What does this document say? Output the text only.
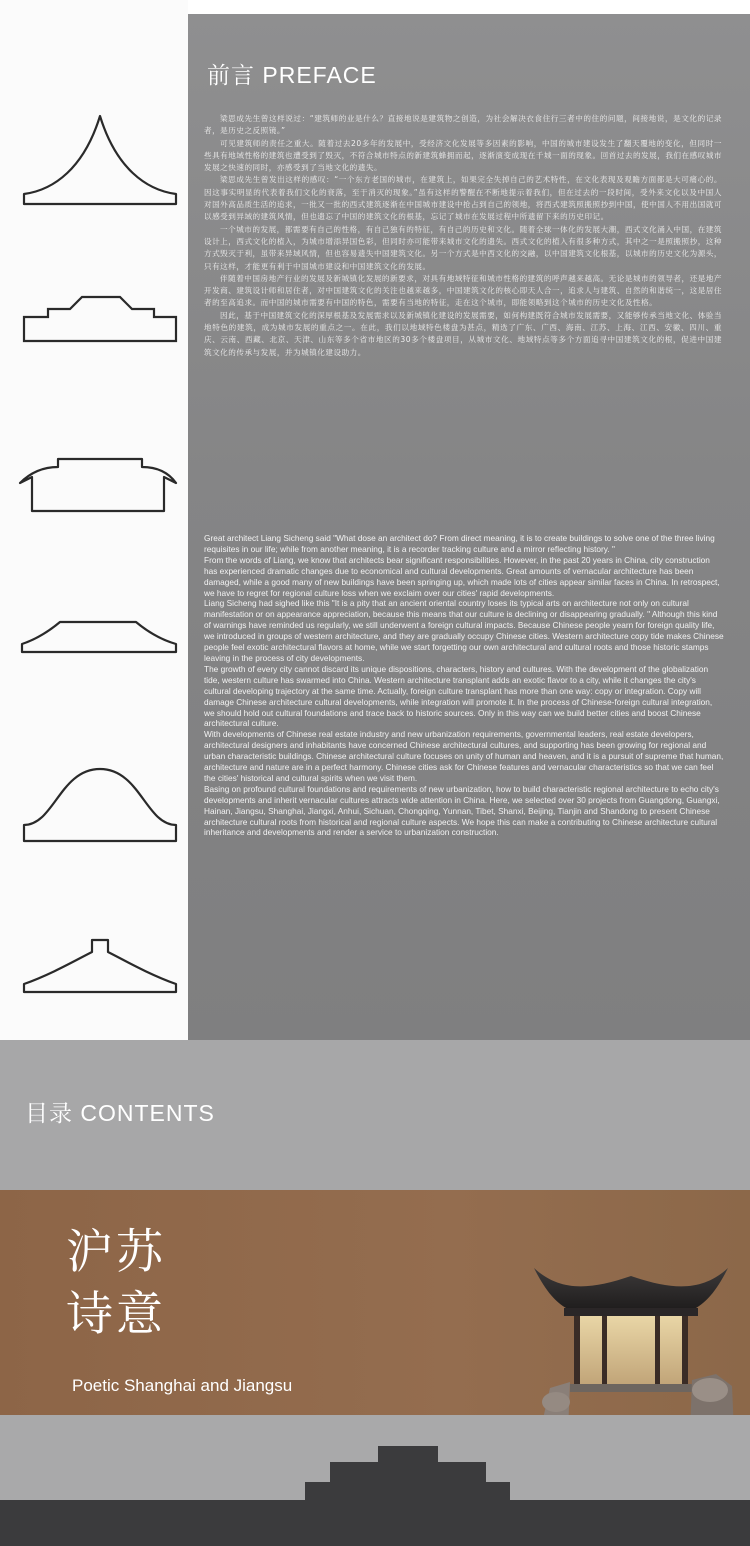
前言 PREFACE

梁思成先生曾这样说过：“建筑师的业是什么？直接地说是建筑物之创造，为社会解决衣食住行三者中的住的问题，间接地说，是文化的记录者，是历史之反照镜。”

可见建筑师的责任之重大。随着过去20多年的发展中，受经济文化发展等多因素的影响，中国的城市建设发生了翻天覆地的变化，但同时一些具有地域性格的建筑也遭受到了毁灭，不符合城市特点的新建筑蜂拥而起，逐渐演变成现在千城一面的现象。回首过去的发展，我们在感叹城市发展之快速的同时，亦感受到了当地文化的遗失。

梁思成先生曾发出这样的感叹：“一个东方老国的城市，在建筑上，如果完全失掉自己的艺术特性，在文化表现及观瞻方面都是大可痛心的。因这事实明显的代表着我们文化的衰落，至于消灭的现象。”虽有这样的警醒在不断地提示着我们，但在过去的一段时间，受外来文化以及中国人对国外高品质生活的追求，一批又一批的西式建筑逐渐在中国城市建设中抢占到自己的领地，将西式建筑照搬照抄到中国，使中国人不用出国就可以感受到异域的建筑风情，但也遗忘了中国的建筑文化的根基，忘记了城市在发展过程中所遗留下来的历史印记。

一个城市的发展，都需要有自己的性格，有自己独有的特征，有自己的历史和文化。随着全球一体化的发展大潮，西式文化涌入中国，在建筑设计上，西式文化的植入，为城市增添异国色彩，但同时亦可能带来城市文化的遗失。西式文化的植入有很多种方式，其中之一是照搬照抄，这种方式毁灭于利，虽带来异域风情，但也容易遗失中国建筑文化。另一个方式是中西文化的交融，以中国建筑文化根基，以城市的历史文化为源头，只有这样，才能更有利于中国城市建设和中国建筑文化的发展。

伴随着中国房地产行业的发展及新城镇化发展的新要求，对具有地域特征和城市性格的建筑的呼声越来越高。无论是城市的领导者，还是地产开发商、建筑设计师和居住者，对中国建筑文化的关注也越来越多，中国建筑文化的核心即天人合一，追求人与建筑、自然的和谐统一，这是居住者的至高追求。而中国的城市需要有中国的特色，需要有当地的特征，走在这个城市，即能领略到这个城市的历史文化及性格。

因此，基于中国建筑文化的深厚根基及发展需求以及新城镇化建设的发展需要，如何构建既符合城市发展需要，又能够传承当地文化、体验当地特色的建筑，成为城市发展的重点之一。在此，我们以地域特色楼盘为甚点，精选了广东、广西、海南、江苏、上海、江西、安徽、四川、重庆、云南、西藏、北京、天津、山东等多个省市地区的30多个楼盘项目，从城市文化、地域特点等多个方面追寻中国建筑文化的根，促进中国建筑文化的传承与发展，并为城镇化建设助力。

Great architect Liang Sicheng said "What dose an architect do? From direct meaning, it is to create buildings to solve one of the three living requisites in our life; while from another meaning, it is a recorder tracking culture and a mirror reflecting history. "

From the words of Liang, we know that architects bear significant responsibilities. However, in the past 20 years in China, city construction has experienced dramatic changes due to economical and cultural developments. Great amounts of vernacular architecture has been damaged, while a good many of new buildings have been springing up, which made lots of cities appear similar faces in China. In retrospect, we have to regret for regional culture loss when we exclaim over our cities' rapid developments.

Liang Sicheng had sighed like this "It is a pity that an ancient oriental country loses its typical arts on architecture not only on cultural manifestation or on appearance appreciation, because this means that our culture is declining or disappearing gradually. " Although this kind of warnings have reminded us regularly, we still underwent a foreign cultural impacts. Because Chinese people yearn for foreign quality life, we introduced in groups of western architecture, and they are gradually occupy Chinese cities. Western architecture copy tide makes Chinese people feel exotic architectural flavors at home, while we start forgetting our own architectural and cultural roots and those historic stamps leaving in the process of city developments.

The growth of every city cannot discard its unique dispositions, characters, history and cultures. With the development of the globalization tide, western culture has swarmed into China. Western architecture transplant adds an exotic flavor to a city, while it changes the city's cultural developing trajectory at the same time. Actually, foreign culture transplant has more than one way: copy or integration. Copy will damage Chinese architecture cultural developments, while integration will promote it. In the process of Chinese-foreign cultural integration, we should hold out cultural foundations and trace back to historic sources. Only in this way can we build better cities and boost Chinese architectural culture.

With developments of Chinese real estate industry and new urbanization requirements, governmental leaders, real estate developers, architectural designers and inhabitants have concerned Chinese architectural cultures, and supporting has been growing for regional and urban characteristic buildings. Chinese architectural culture focuses on unity of human and heaven, and it is a pursuit of supreme that human, architecture and nature are in a perfect harmony. Chinese cities ask for Chinese features and vernacular characteristics so that we can feel the cities' historical and cultural spirits when we visit them.

Basing on profound cultural foundations and requirements of new urbanization, how to build characteristic regional architecture to echo city's developments and inherit vernacular cultures attracts wide attention in China. Here, we selected over 30 projects from Guangdong, Guangxi, Hainan, Jiangsu, Shanghai, Jiangxi, Anhui, Sichuan, Chongqing, Yunnan, Tibet, Shanxi, Beijing, Tianjin and Shandong to present Chinese architecture cultural roots from historical and regional culture aspects. We hope this can make a contributing to Chinese architecture cultural inheritance and developments and render a service to urbanization construction.

目录 CONTENTS
沪苏
诗意
Poetic Shanghai and Jiangsu
